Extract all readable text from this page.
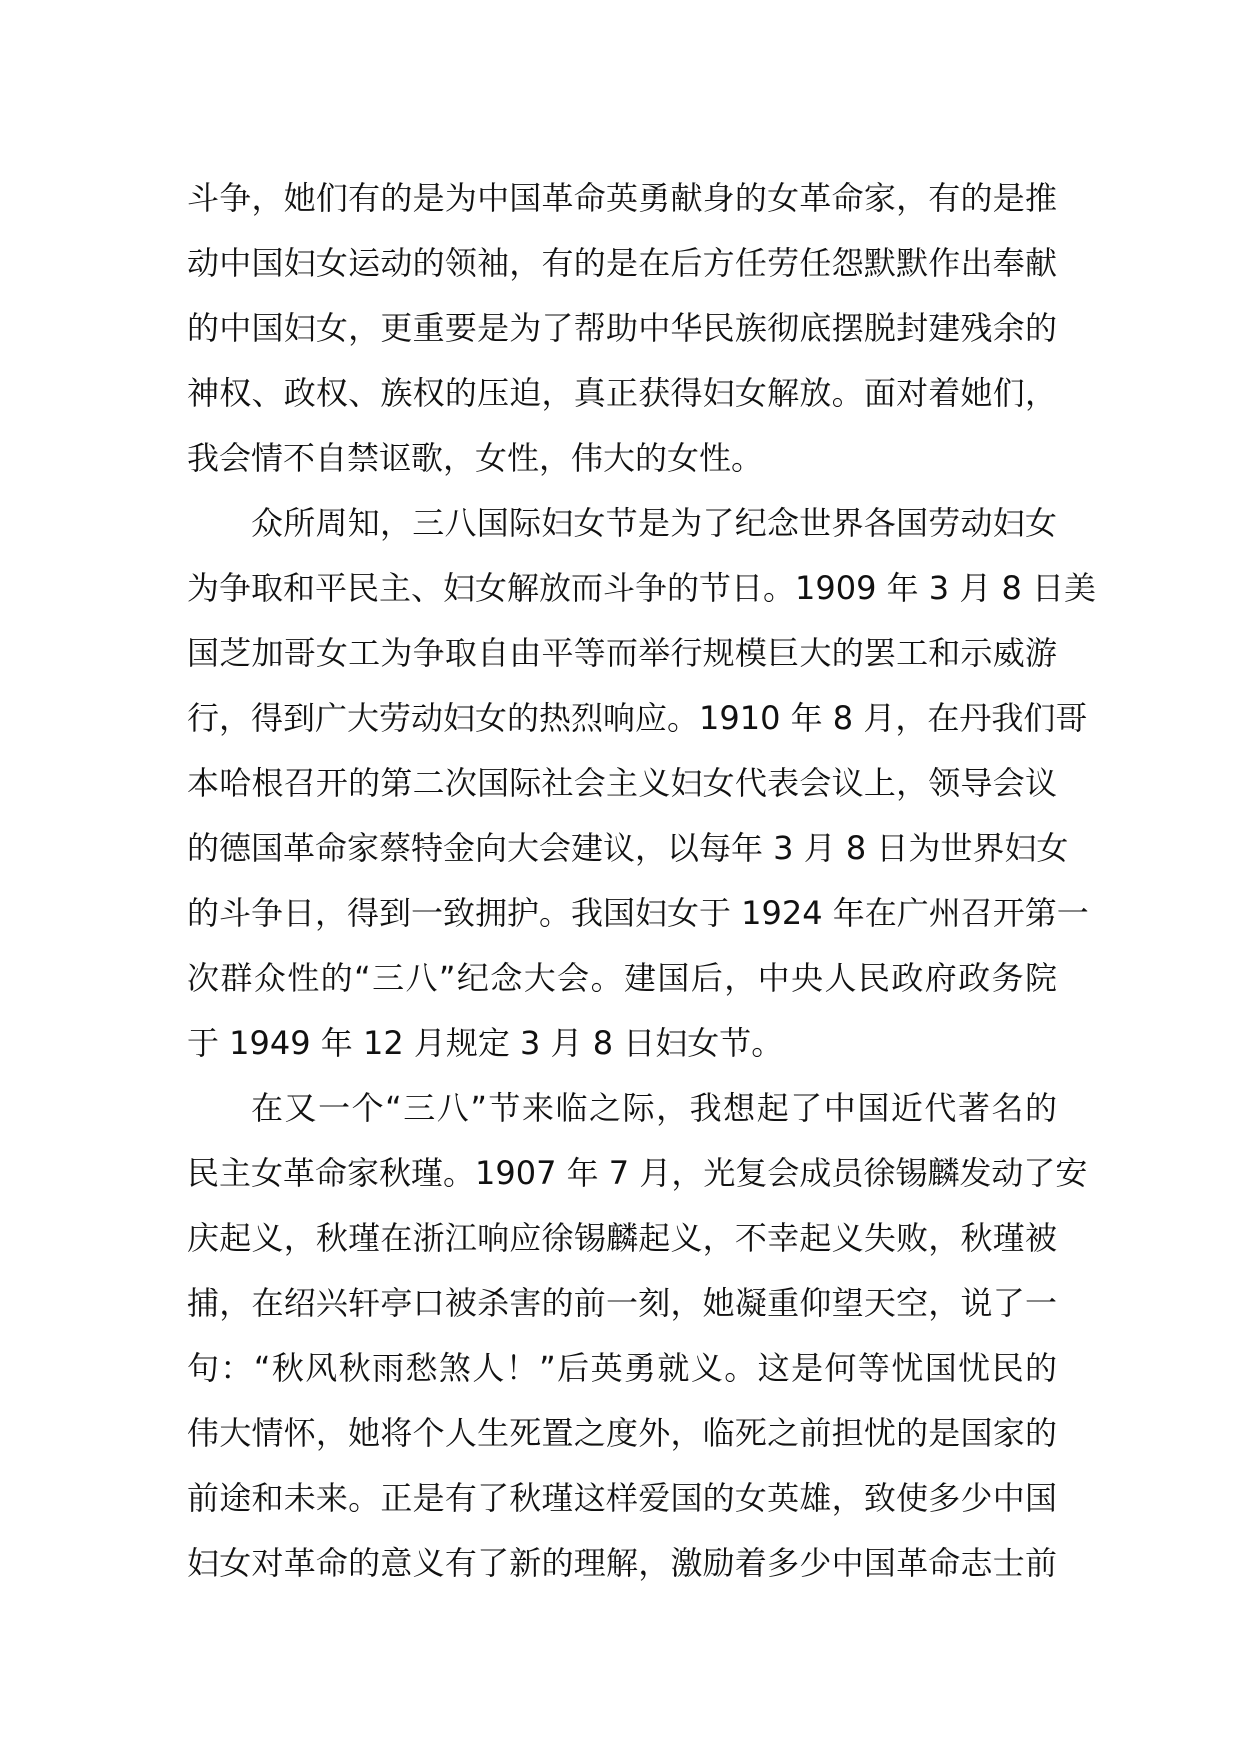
斗争，她们有的是为中国革命英勇献身的女革命家，有的是推
动中国妇女运动的领袖，有的是在后方任劳任怨默默作出奉献
的中国妇女，更重要是为了帮助中华民族彻底摆脱封建残余的
神权、政权、族权的压迫，真正获得妇女解放。面对着她们，
我会情不自禁讴歌，女性，伟大的女性。
众所周知，三八国际妇女节是为了纪念世界各国劳动妇女
为争取和平民主、妇女解放而斗争的节日。1909 年 3 月 8 日美
国芝加哥女工为争取自由平等而举行规模巨大的罢工和示威游
行，得到广大劳动妇女的热烈响应。1910 年 8 月，在丹我们哥
本哈根召开的第二次国际社会主义妇女代表会议上，领导会议
的德国革命家蔡特金向大会建议，以每年 3 月 8 日为世界妇女
的斗争日，得到一致拥护。我国妇女于 1924 年在广州召开第一
次群众性的“三八”纪念大会。建国后，中央人民政府政务院
于 1949 年 12 月规定 3 月 8 日妇女节。
在又一个“三八”节来临之际，我想起了中国近代著名的
民主女革命家秋瑾。1907 年 7 月，光复会成员徐锡麟发动了安
庆起义，秋瑾在浙江响应徐锡麟起义，不幸起义失败，秋瑾被
捕，在绍兴轩亭口被杀害的前一刻，她凝重仰望天空，说了一
句：“秋风秋雨愁煞人！”后英勇就义。这是何等忧国忧民的
伟大情怀，她将个人生死置之度外，临死之前担忧的是国家的
前途和未来。正是有了秋瑾这样爱国的女英雄，致使多少中国
妇女对革命的意义有了新的理解，激励着多少中国革命志士前
